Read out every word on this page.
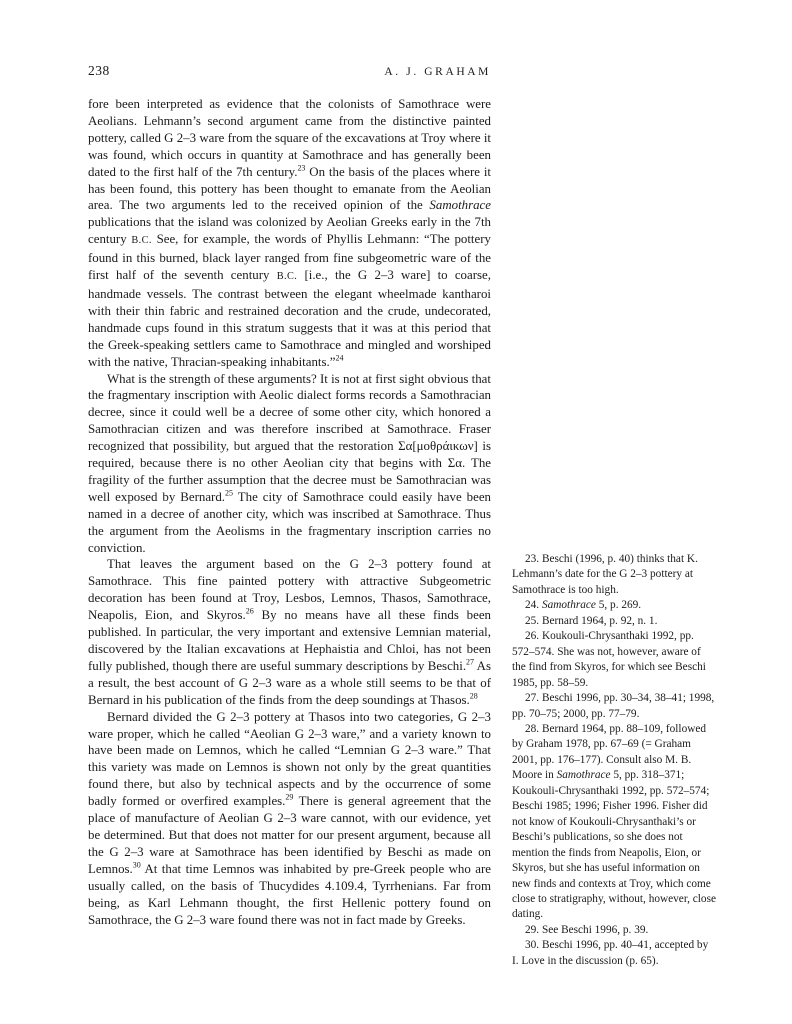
238	A. J. GRAHAM

fore been interpreted as evidence that the colonists of Samothrace were Aeolians. Lehmann’s second argument came from the distinctive painted pottery, called G 2–3 ware from the square of the excavations at Troy where it was found, which occurs in quantity at Samothrace and has generally been dated to the first half of the 7th century.$^{23}$ On the basis of the places where it has been found, this pottery has been thought to emanate from the Aeolian area. The two arguments led to the received opinion of the Samothrace publications that the island was colonized by Aeolian Greeks early in the 7th century B.C. See, for example, the words of Phyllis Lehmann: “The pottery found in this burned, black layer ranged from fine subgeometric ware of the first half of the seventh century B.C. [i.e., the G 2–3 ware] to coarse, handmade vessels. The contrast between the elegant wheelmade kantharoi with their thin fabric and restrained decoration and the crude, undecorated, handmade cups found in this stratum suggests that it was at this period that the Greek-speaking settlers came to Samothrace and mingled and worshiped with the native, Thracian-speaking inhabitants.”$^{24}$

What is the strength of these arguments? It is not at first sight obvious that the fragmentary inscription with Aeolic dialect forms records a Samothracian decree, since it could well be a decree of some other city, which honored a Samothracian citizen and was therefore inscribed at Samothrace. Fraser recognized that possibility, but argued that the restoration Σα[μοθράικων] is required, because there is no other Aeolian city that begins with Σα. The fragility of the further assumption that the decree must be Samothracian was well exposed by Bernard.$^{25}$ The city of Samothrace could easily have been named in a decree of another city, which was inscribed at Samothrace. Thus the argument from the Aeolisms in the fragmentary inscription carries no conviction.

That leaves the argument based on the G 2–3 pottery found at Samothrace. This fine painted pottery with attractive Subgeometric decoration has been found at Troy, Lesbos, Lemnos, Thasos, Samothrace, Neapolis, Eion, and Skyros.$^{26}$ By no means have all these finds been published. In particular, the very important and extensive Lemnian material, discovered by the Italian excavations at Hephaistia and Chloi, has not been fully published, though there are useful summary descriptions by Beschi.$^{27}$ As a result, the best account of G 2–3 ware as a whole still seems to be that of Bernard in his publication of the finds from the deep soundings at Thasos.$^{28}$

Bernard divided the G 2–3 pottery at Thasos into two categories, G 2–3 ware proper, which he called “Aeolian G 2–3 ware,” and a variety known to have been made on Lemnos, which he called “Lemnian G 2–3 ware.” That this variety was made on Lemnos is shown not only by the great quantities found there, but also by technical aspects and by the occurrence of some badly formed or overfired examples.$^{29}$ There is general agreement that the place of manufacture of Aeolian G 2–3 ware cannot, with our evidence, yet be determined. But that does not matter for our present argument, because all the G 2–3 ware at Samothrace has been identified by Beschi as made on Lemnos.$^{30}$ At that time Lemnos was inhabited by pre-Greek people who are usually called, on the basis of Thucydides 4.109.4, Tyrrhenians. Far from being, as Karl Lehmann thought, the first Hellenic pottery found on Samothrace, the G 2–3 ware found there was not in fact made by Greeks.

23. Beschi (1996, p. 40) thinks that K. Lehmann’s date for the G 2–3 pottery at Samothrace is too high.

24. Samothrace 5, p. 269.

25. Bernard 1964, p. 92, n. 1.

26. Koukouli-Chrysanthaki 1992, pp. 572–574. She was not, however, aware of the find from Skyros, for which see Beschi 1985, pp. 58–59.

27. Beschi 1996, pp. 30–34, 38–41; 1998, pp. 70–75; 2000, pp. 77–79.

28. Bernard 1964, pp. 88–109, followed by Graham 1978, pp. 67–69 (= Graham 2001, pp. 176–177). Consult also M. B. Moore in Samothrace 5, pp. 318–371; Koukouli-Chrysanthaki 1992, pp. 572–574; Beschi 1985; 1996; Fisher 1996. Fisher did not know of Koukouli-Chrysanthaki’s or Beschi’s publications, so she does not mention the finds from Neapolis, Eion, or Skyros, but she has useful information on new finds and contexts at Troy, which come close to stratigraphy, without, however, close dating.

29. See Beschi 1996, p. 39.

30. Beschi 1996, pp. 40–41, accepted by I. Love in the discussion (p. 65).
